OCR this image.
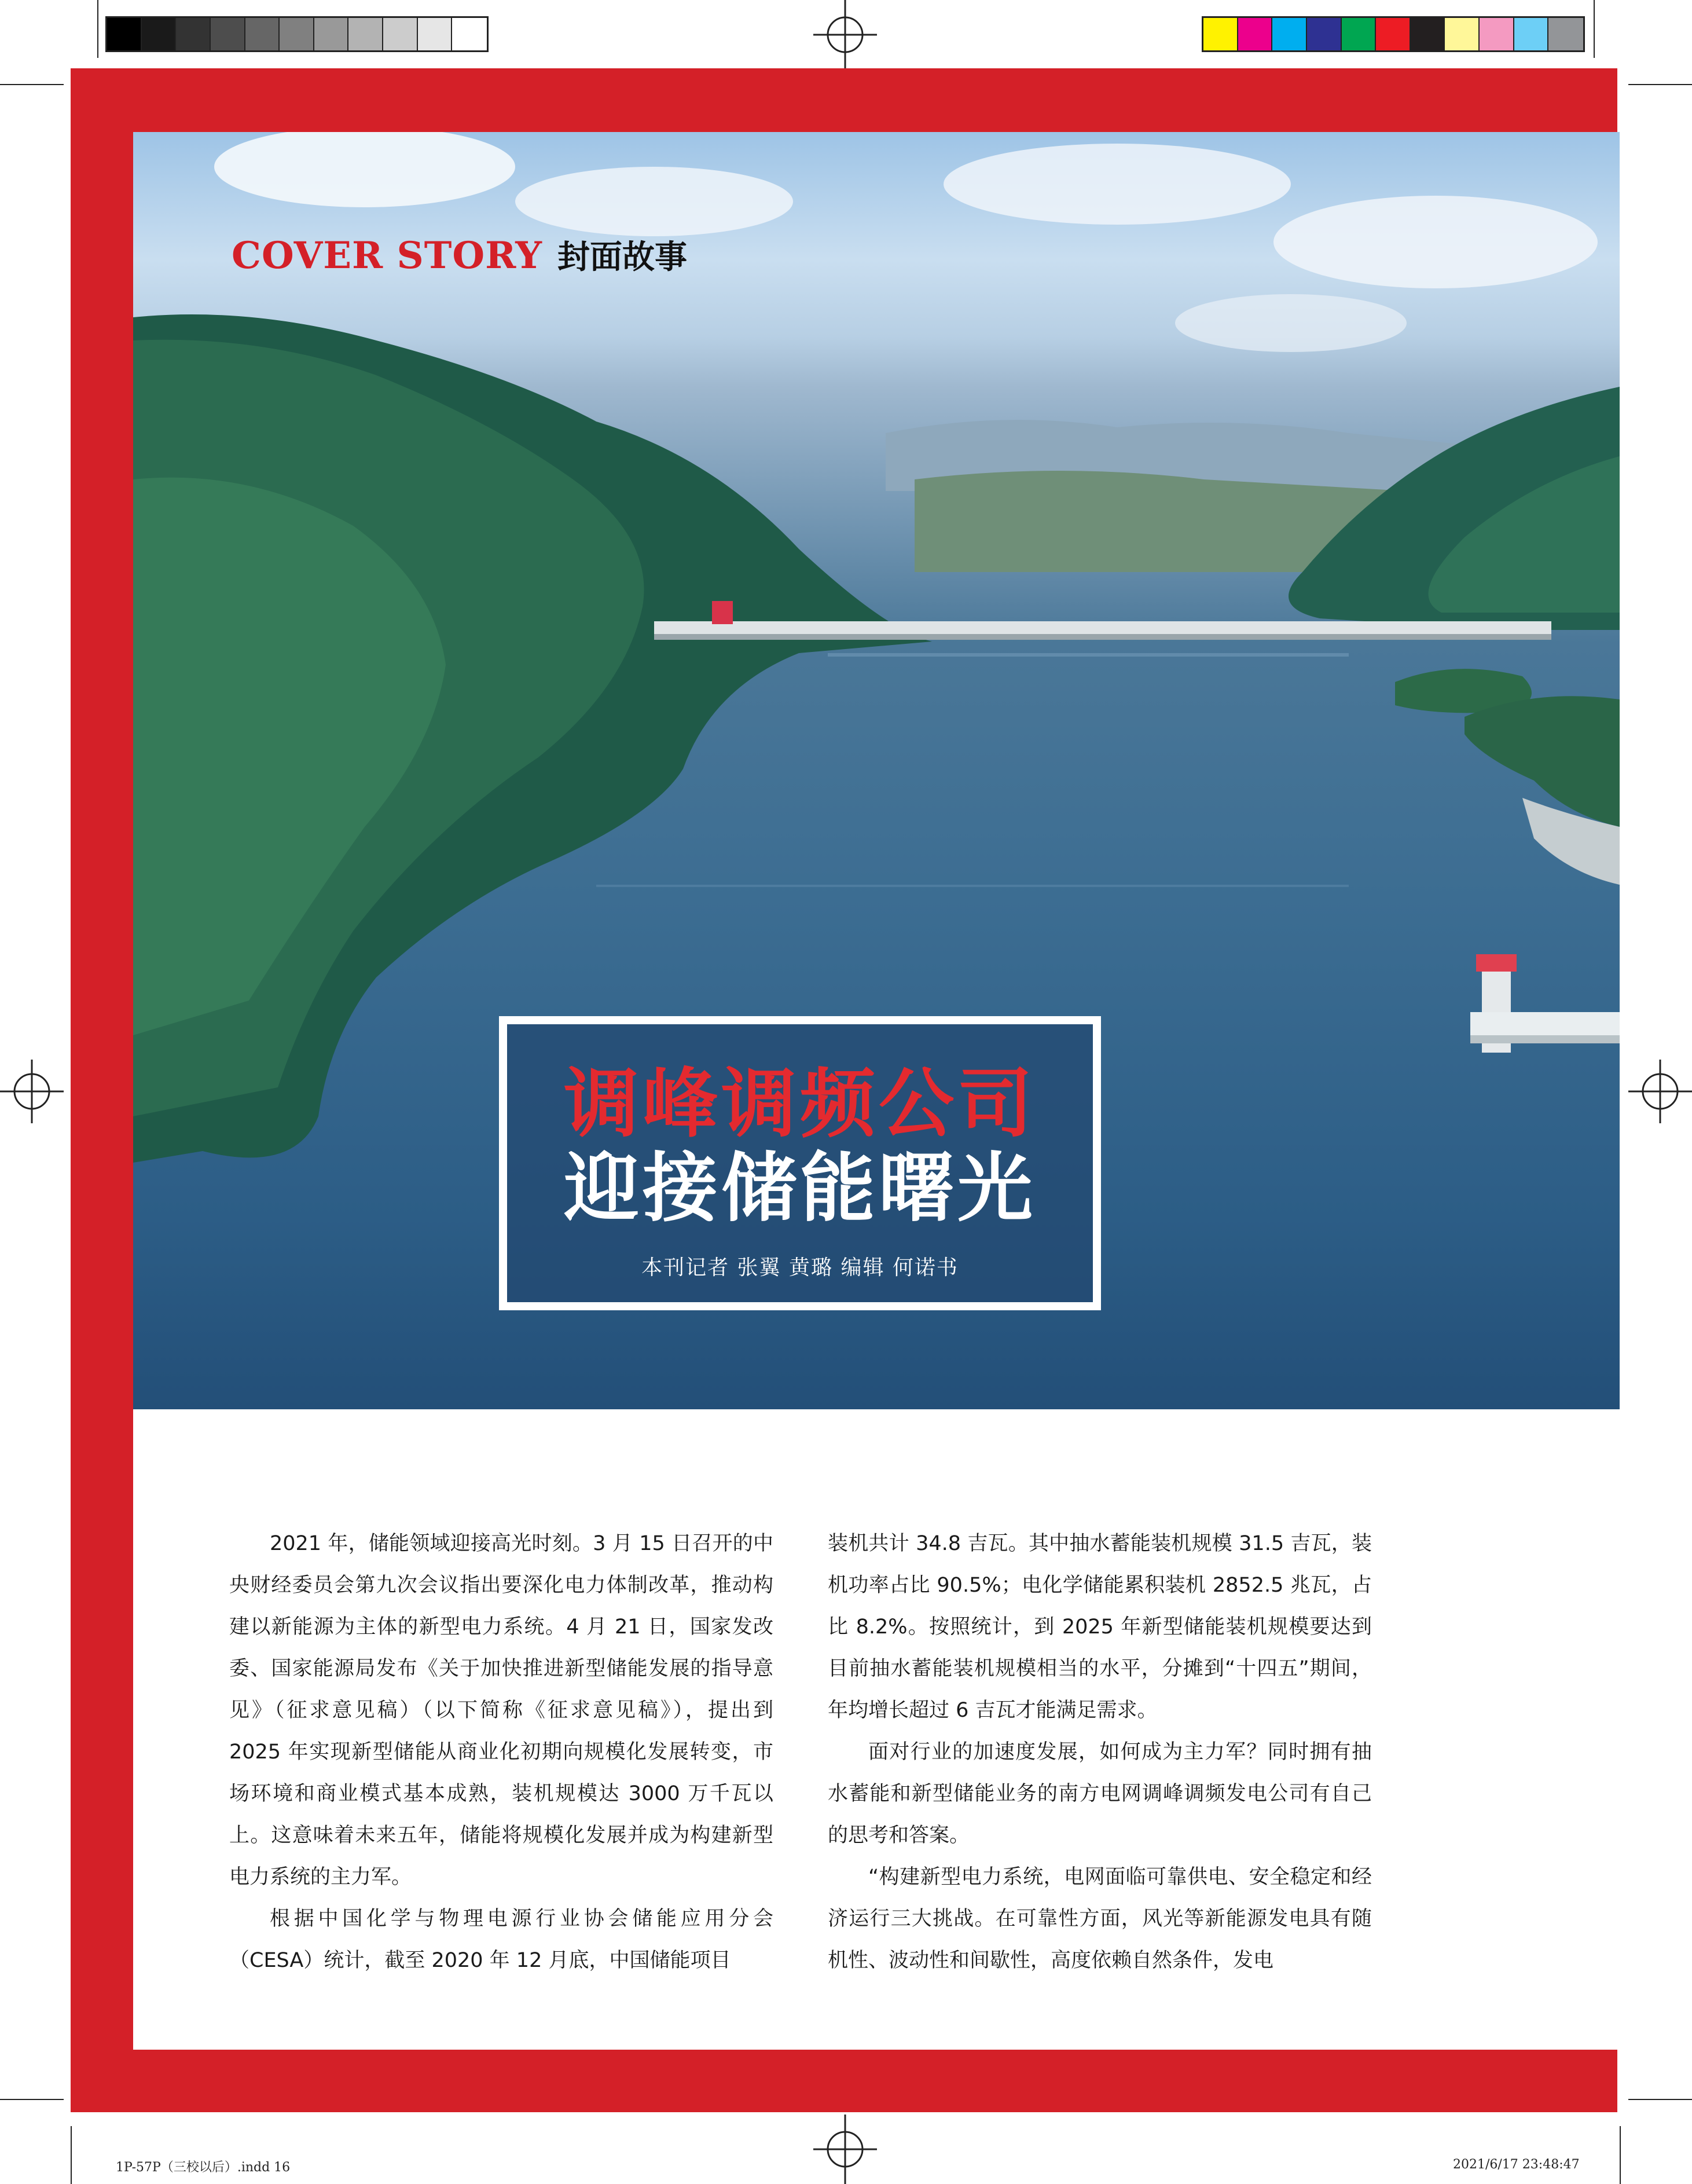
COVER STORY 封面故事
调峰调频公司
迎接储能曙光
本刊记者 张翼 黄璐 编辑 何诺书

2021 年，储能领域迎接高光时刻。3 月 15 日召开的中央财经委员会第九次会议指出要深化电力体制改革，推动构建以新能源为主体的新型电力系统。4 月 21 日，国家发改委、国家能源局发布《关于加快推进新型储能发展的指导意见》（征求意见稿）（以下简称《征求意见稿》），提出到 2025 年实现新型储能从商业化初期向规模化发展转变，市场环境和商业模式基本成熟，装机规模达 3000 万千瓦以上。这意味着未来五年，储能将规模化发展并成为构建新型电力系统的主力军。

根据中国化学与物理电源行业协会储能应用分会（CESA）统计，截至 2020 年 12 月底，中国储能项目

装机共计 34.8 吉瓦。其中抽水蓄能装机规模 31.5 吉瓦，装机功率占比 90.5%；电化学储能累积装机 2852.5 兆瓦，占比 8.2%。按照统计，到 2025 年新型储能装机规模要达到目前抽水蓄能装机规模相当的水平，分摊到“十四五”期间，年均增长超过 6 吉瓦才能满足需求。

面对行业的加速度发展，如何成为主力军？同时拥有抽水蓄能和新型储能业务的南方电网调峰调频发电公司有自己的思考和答案。

“构建新型电力系统，电网面临可靠供电、安全稳定和经济运行三大挑战。在可靠性方面，风光等新能源发电具有随机性、波动性和间歇性，高度依赖自然条件，发电

1P-57P（三校以后）.indd 16	2021/6/17 23:48:47
